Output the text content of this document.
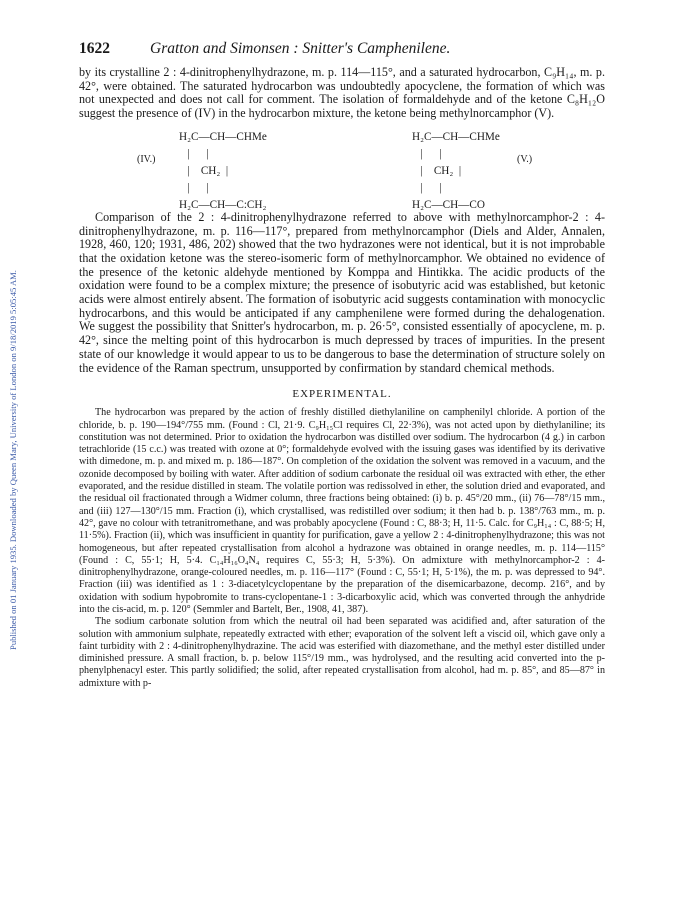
Published on 01 January 1935. Downloaded by Queen Mary, University of London on 9/18/2019 5:05:45 AM.
1622	Gratton and Simonsen : Snitter's Camphenilene.

by its crystalline 2 : 4-dinitrophenylhydrazone, m. p. 114—115°, and a saturated hydrocarbon, C₉H₁₄, m. p. 42°, were obtained. The saturated hydrocarbon was undoubtedly apocyclene, the formation of which was not unexpected and does not call for comment. The isolation of formaldehyde and of the ketone C₈H₁₂O suggest the presence of (IV) in the hydrocarbon mixture, the ketone being methylnorcamphor (V).

(IV.)
H₂C—CH—CHMe
|      |
|    CH₂  |
|      |
H₂C—CH—C:CH₂
H₂C—CH—CHMe
|      |
|    CH₂  |
|      |
H₂C—CH—CO
(V.)

Comparison of the 2 : 4-dinitrophenylhydrazone referred to above with methylnorcamphor-2 : 4-dinitrophenylhydrazone, m. p. 116—117°, prepared from methylnorcamphor (Diels and Alder, Annalen, 1928, 460, 120; 1931, 486, 202) showed that the two hydrazones were not identical, but it is not improbable that the oxidation ketone was the stereo-isomeric form of methylnorcamphor. We obtained no evidence of the presence of the ketonic aldehyde mentioned by Komppa and Hintikka. The acidic products of the oxidation were found to be a complex mixture; the presence of isobutyric acid was established, but ketonic acids were almost entirely absent. The formation of isobutyric acid suggests contamination with monocyclic hydrocarbons, and this would be anticipated if any camphenilene were formed during the dehalogenation. We suggest the possibility that Snitter's hydrocarbon, m. p. 26·5°, consisted essentially of apocyclene, m. p. 42°, since the melting point of this hydrocarbon is much depressed by traces of impurities. In the present state of our knowledge it would appear to us to be dangerous to base the determination of structure solely on the evidence of the Raman spectrum, unsupported by confirmation by standard chemical methods.

EXPERIMENTAL.

The hydrocarbon was prepared by the action of freshly distilled diethylaniline on camphenilyl chloride. A portion of the chloride, b. p. 190—194°/755 mm. (Found : Cl, 21·9. C₉H₁₅Cl requires Cl, 22·3%), was not acted upon by diethylaniline; its constitution was not determined. Prior to oxidation the hydrocarbon was distilled over sodium. The hydrocarbon (4 g.) in carbon tetrachloride (15 c.c.) was treated with ozone at 0°; formaldehyde evolved with the issuing gases was identified by its derivative with dimedone, m. p. and mixed m. p. 186—187°. On completion of the oxidation the solvent was removed in a vacuum, and the ozonide decomposed by boiling with water. After addition of sodium carbonate the residual oil was extracted with ether, the ether evaporated, and the residue distilled in steam. The volatile portion was redissolved in ether, the solution dried and evaporated, and the residual oil fractionated through a Widmer column, three fractions being obtained: (i) b. p. 45°/20 mm., (ii) 76—78°/15 mm., and (iii) 127—130°/15 mm. Fraction (i), which crystallised, was redistilled over sodium; it then had b. p. 138°/763 mm., m. p. 42°, gave no colour with tetranitromethane, and was probably apocyclene (Found : C, 88·3; H, 11·5. Calc. for C₉H₁₄ : C, 88·5; H, 11·5%). Fraction (ii), which was insufficient in quantity for purification, gave a yellow 2 : 4-dinitrophenylhydrazone; this was not homogeneous, but after repeated crystallisation from alcohol a hydrazone was obtained in orange needles, m. p. 114—115° (Found : C, 55·1; H, 5·4. C₁₄H₁₆O₄N₄ requires C, 55·3; H, 5·3%). On admixture with methylnorcamphor-2 : 4-dinitrophenylhydrazone, orange-coloured needles, m. p. 116—117° (Found : C, 55·1; H, 5·1%), the m. p. was depressed to 94°. Fraction (iii) was identified as 1 : 3-diacetylcyclopentane by the preparation of the disemicarbazone, decomp. 216°, and by oxidation with sodium hypobromite to trans-cyclopentane-1 : 3-dicarboxylic acid, which was converted through the anhydride into the cis-acid, m. p. 120° (Semmler and Bartelt, Ber., 1908, 41, 387).

The sodium carbonate solution from which the neutral oil had been separated was acidified and, after saturation of the solution with ammonium sulphate, repeatedly extracted with ether; evaporation of the solvent left a viscid oil, which gave only a faint turbidity with 2 : 4-dinitrophenylhydrazine. The acid was esterified with diazomethane, and the methyl ester distilled under diminished pressure. A small fraction, b. p. below 115°/19 mm., was hydrolysed, and the resulting acid converted into the p-phenylphenacyl ester. This partly solidified; the solid, after repeated crystallisation from alcohol, had m. p. 85°, and 85—87° in admixture with p-
